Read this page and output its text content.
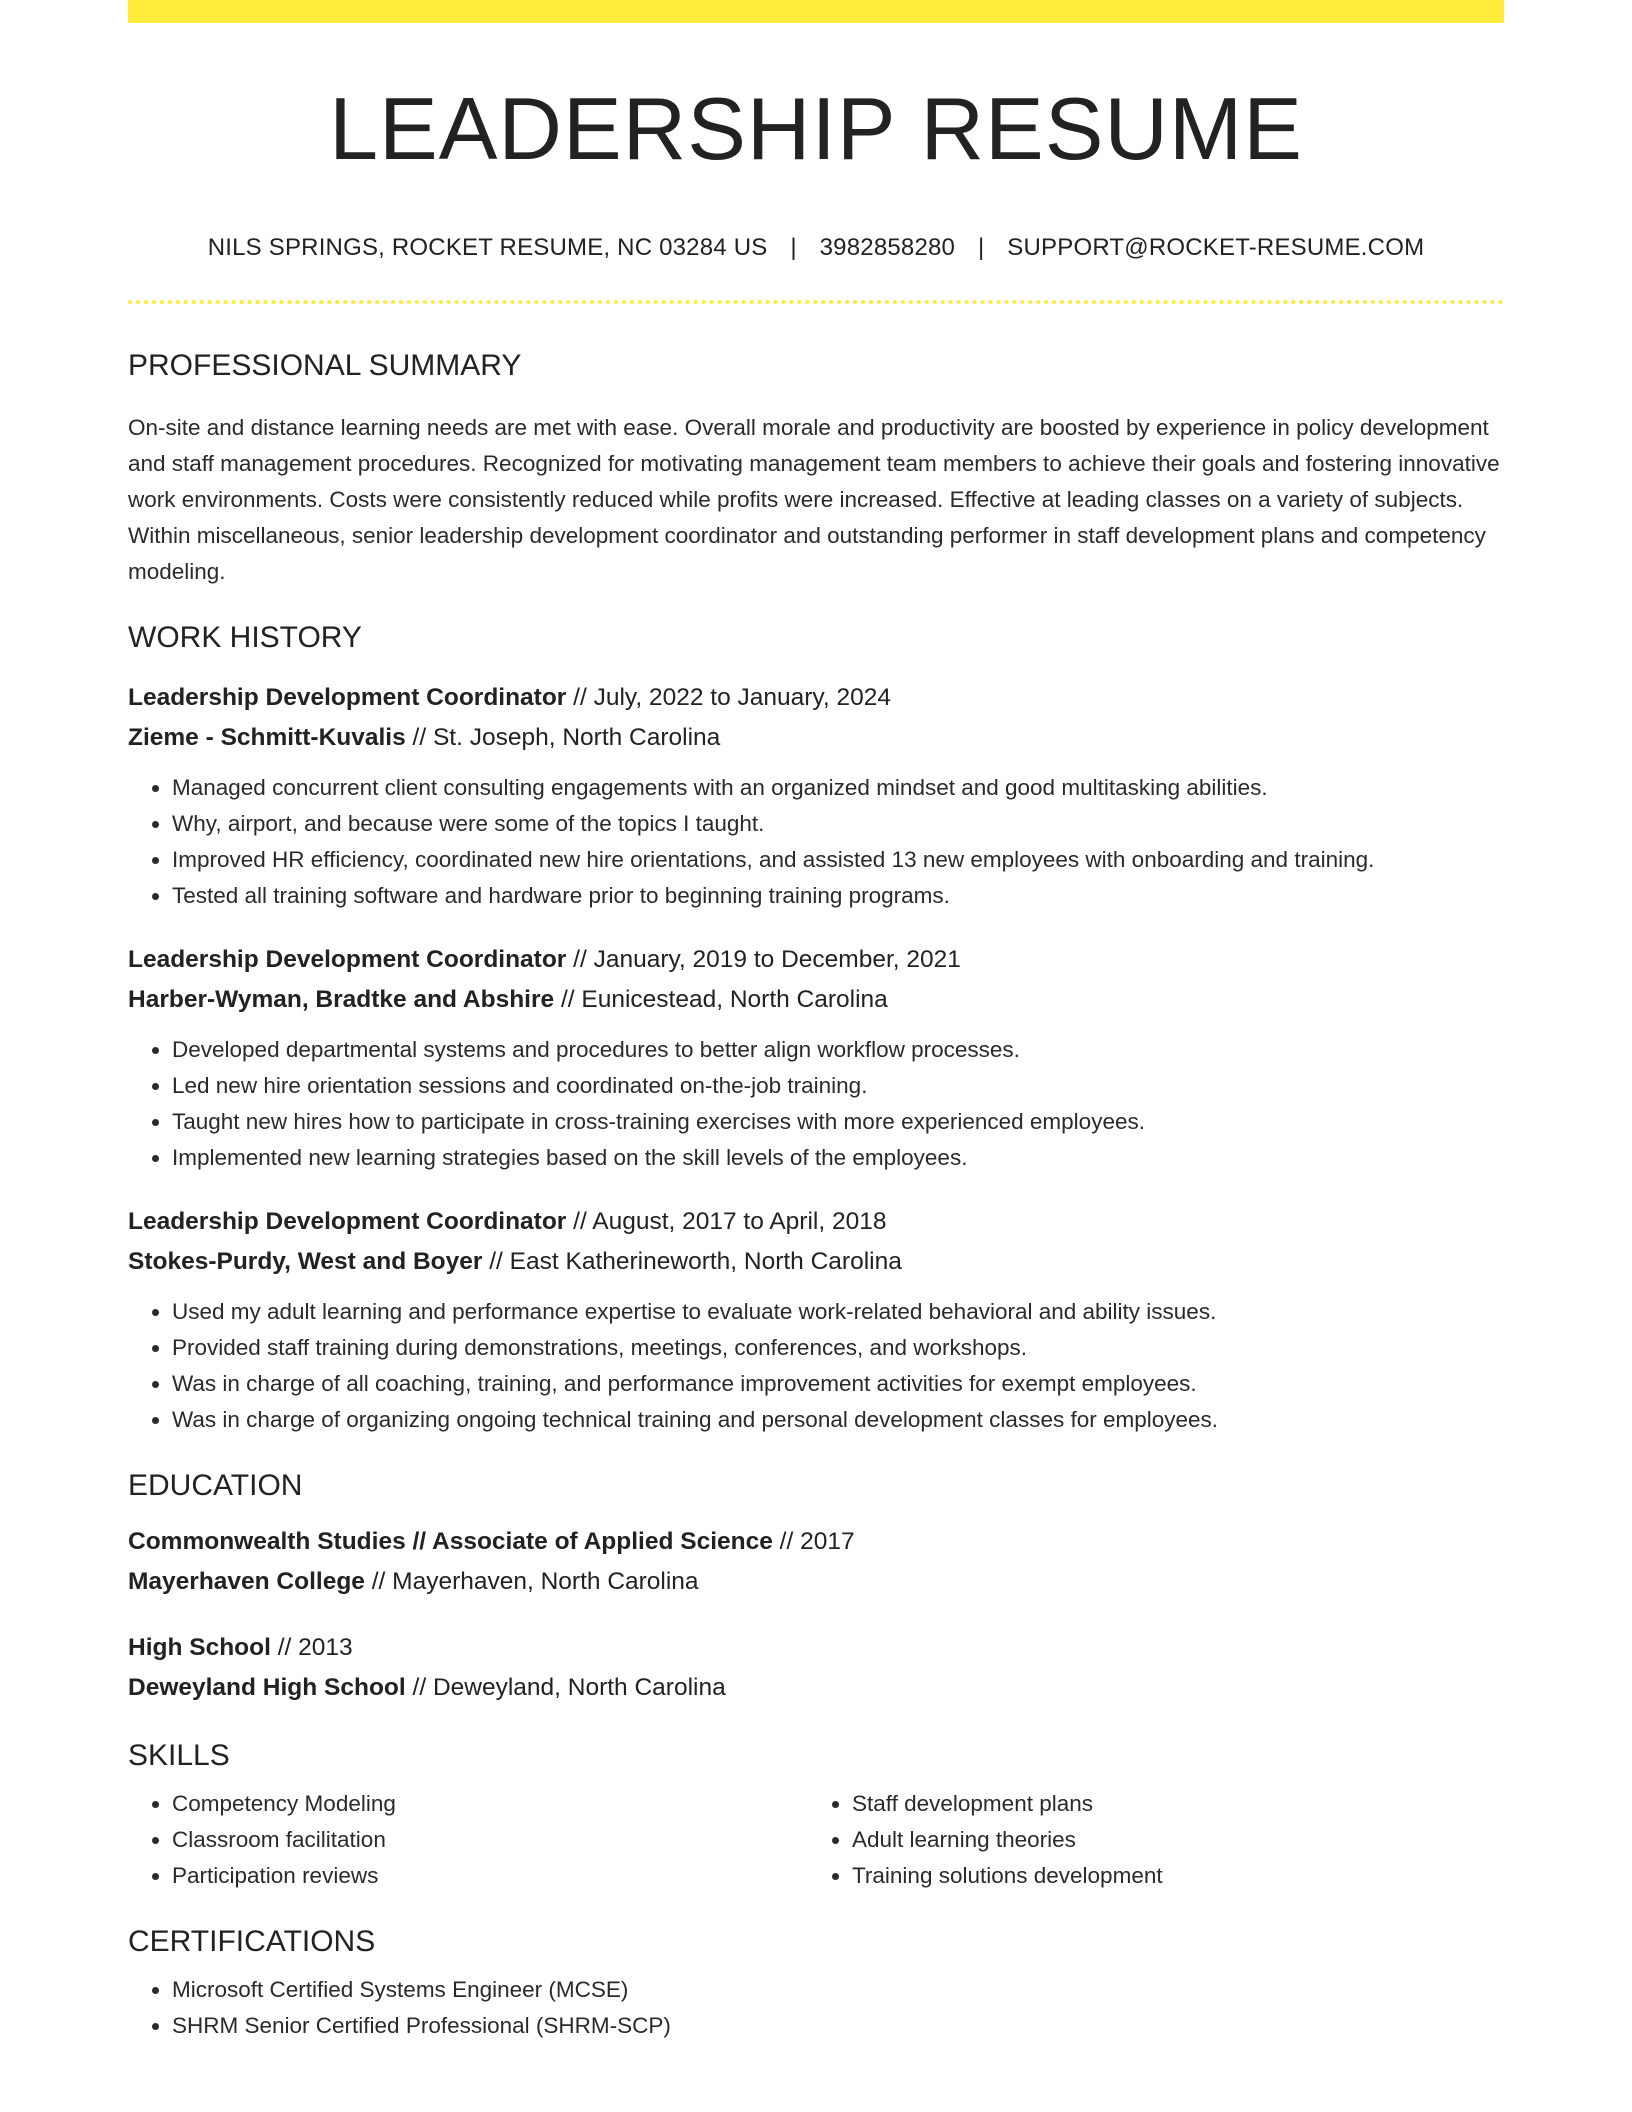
LEADERSHIP RESUME
NILS SPRINGS, ROCKET RESUME, NC 03284 US | 3982858280 | SUPPORT@ROCKET-RESUME.COM
PROFESSIONAL SUMMARY
On-site and distance learning needs are met with ease. Overall morale and productivity are boosted by experience in policy development and staff management procedures. Recognized for motivating management team members to achieve their goals and fostering innovative work environments. Costs were consistently reduced while profits were increased. Effective at leading classes on a variety of subjects. Within miscellaneous, senior leadership development coordinator and outstanding performer in staff development plans and competency modeling.
WORK HISTORY
Leadership Development Coordinator // July, 2022 to January, 2024
Zieme - Schmitt-Kuvalis // St. Joseph, North Carolina
• Managed concurrent client consulting engagements with an organized mindset and good multitasking abilities.
• Why, airport, and because were some of the topics I taught.
• Improved HR efficiency, coordinated new hire orientations, and assisted 13 new employees with onboarding and training.
• Tested all training software and hardware prior to beginning training programs.
Leadership Development Coordinator // January, 2019 to December, 2021
Harber-Wyman, Bradtke and Abshire // Eunicestead, North Carolina
• Developed departmental systems and procedures to better align workflow processes.
• Led new hire orientation sessions and coordinated on-the-job training.
• Taught new hires how to participate in cross-training exercises with more experienced employees.
• Implemented new learning strategies based on the skill levels of the employees.
Leadership Development Coordinator // August, 2017 to April, 2018
Stokes-Purdy, West and Boyer // East Katherineworth, North Carolina
• Used my adult learning and performance expertise to evaluate work-related behavioral and ability issues.
• Provided staff training during demonstrations, meetings, conferences, and workshops.
• Was in charge of all coaching, training, and performance improvement activities for exempt employees.
• Was in charge of organizing ongoing technical training and personal development classes for employees.
EDUCATION
Commonwealth Studies // Associate of Applied Science // 2017
Mayerhaven College // Mayerhaven, North Carolina
High School // 2013
Deweyland High School // Deweyland, North Carolina
SKILLS
• Competency Modeling
• Classroom facilitation
• Participation reviews
• Staff development plans
• Adult learning theories
• Training solutions development
CERTIFICATIONS
• Microsoft Certified Systems Engineer (MCSE)
• SHRM Senior Certified Professional (SHRM-SCP)
